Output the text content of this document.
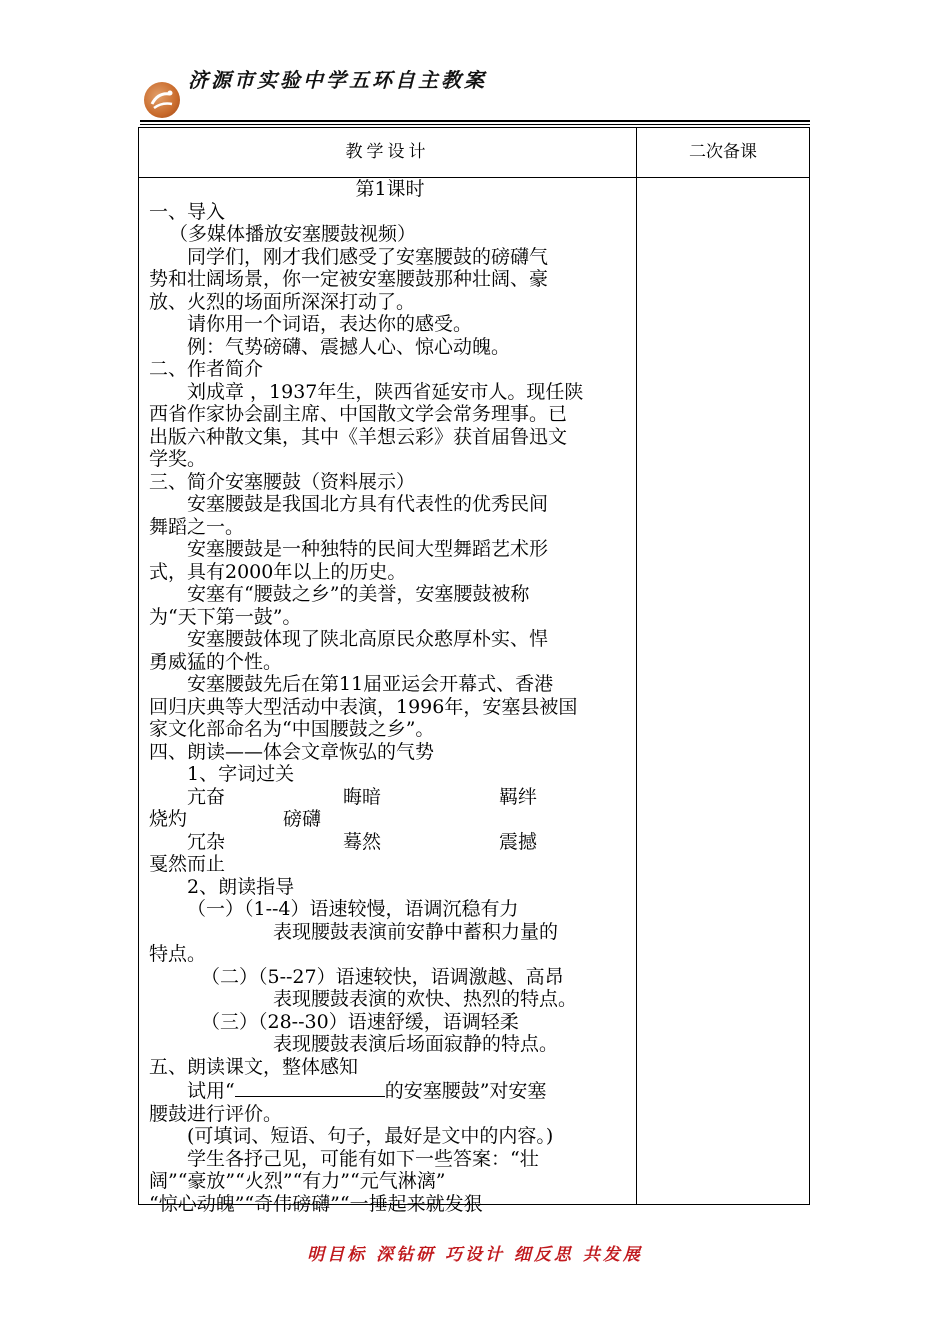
济源市实验中学五环自主教案
教学设计	二次备课
第1课时
一、导入
（多媒体播放安塞腰鼓视频）
同学们，刚才我们感受了安塞腰鼓的磅礴气
势和壮阔场景，你一定被安塞腰鼓那种壮阔、豪
放、火烈的场面所深深打动了。
请你用一个词语，表达你的感受。
例：气势磅礴、震撼人心、惊心动魄。
二、作者简介
刘成章 ，1937年生，陕西省延安市人。现任陕
西省作家协会副主席、中国散文学会常务理事。已
出版六种散文集，其中《羊想云彩》获首届鲁迅文
学奖。
三、简介安塞腰鼓（资料展示）
安塞腰鼓是我国北方具有代表性的优秀民间
舞蹈之一。
安塞腰鼓是一种独特的民间大型舞蹈艺术形
式，具有2000年以上的历史。
安塞有“腰鼓之乡”的美誉，安塞腰鼓被称
为“天下第一鼓”。
安塞腰鼓体现了陕北高原民众憨厚朴实、悍
勇威猛的个性。
安塞腰鼓先后在第11届亚运会开幕式、香港
回归庆典等大型活动中表演，1996年，安塞县被国
家文化部命名为“中国腰鼓之乡”。
四、朗读——体会文章恢弘的气势
1、字词过关
亢奋	晦暗	羁绊
烧灼	磅礴
冗杂	蓦然	震撼
戛然而止
2、朗读指导
（一）（1--4）语速较慢，语调沉稳有力
表现腰鼓表演前安静中蓄积力量的
特点。
（二）（5--27）语速较快，语调激越、高昂
表现腰鼓表演的欢快、热烈的特点。
（三）（28--30）语速舒缓，语调轻柔
表现腰鼓表演后场面寂静的特点。
五、朗读课文，整体感知
试用“	的安塞腰鼓”对安塞
腰鼓进行评价。
(可填词、短语、句子，最好是文中的内容。)
学生各抒己见，可能有如下一些答案：“壮
阔”“豪放”“火烈”“有力”“元气淋漓”
“惊心动魄”“奇伟磅礴”“一捶起来就发狠
明目标 深钻研 巧设计 细反思 共发展
